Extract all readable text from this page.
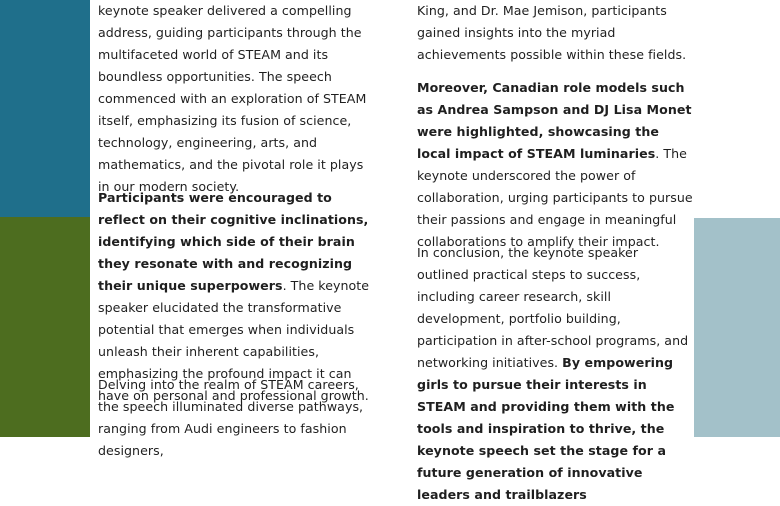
keynote speaker delivered a compelling address, guiding participants through the multifaceted world of STEAM and its boundless opportunities. The speech commenced with an exploration of STEAM itself, emphasizing its fusion of science, technology, engineering, arts, and mathematics, and the pivotal role it plays in our modern society.

Participants were encouraged to reflect on their cognitive inclinations, identifying which side of their brain they resonate with and recognizing their unique superpowers. The keynote speaker elucidated the transformative potential that emerges when individuals unleash their inherent capabilities, emphasizing the profound impact it can have on personal and professional growth.

Delving into the realm of STEAM careers, the speech illuminated diverse pathways, ranging from Audi engineers to fashion designers,

King, and Dr. Mae Jemison, participants gained insights into the myriad achievements possible within these fields.

Moreover, Canadian role models such as Andrea Sampson and DJ Lisa Monet were highlighted, showcasing the local impact of STEAM luminaries. The keynote underscored the power of collaboration, urging participants to pursue their passions and engage in meaningful collaborations to amplify their impact.

In conclusion, the keynote speaker outlined practical steps to success, including career research, skill development, portfolio building, participation in after-school programs, and networking initiatives. By empowering girls to pursue their interests in STEAM and providing them with the tools and inspiration to thrive, the keynote speech set the stage for a future generation of innovative leaders and trailblazers
